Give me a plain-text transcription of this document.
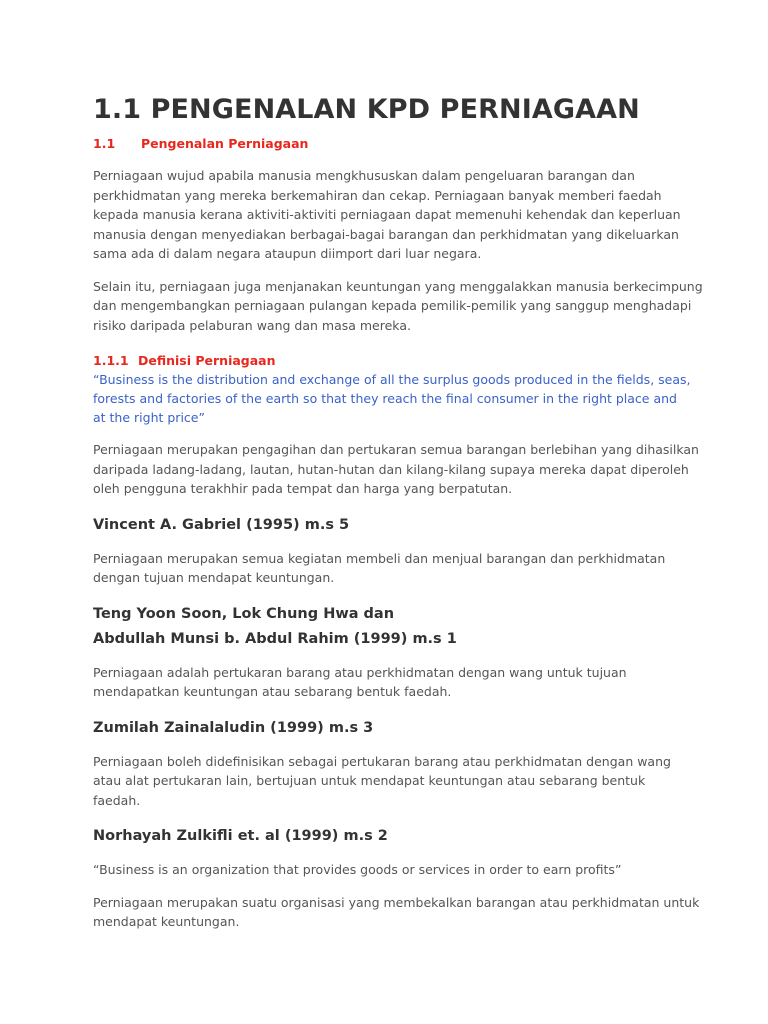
1.1 PENGENALAN KPD PERNIAGAAN
1.1 Pengenalan Perniagaan

Perniagaan wujud apabila manusia mengkhususkan dalam pengeluaran barangan dan
perkhidmatan yang mereka berkemahiran dan cekap. Perniagaan banyak memberi faedah
kepada manusia kerana aktiviti-aktiviti perniagaan dapat memenuhi kehendak dan keperluan
manusia dengan menyediakan berbagai-bagai barangan dan perkhidmatan yang dikeluarkan
sama ada di dalam negara ataupun diimport dari luar negara.

Selain itu, perniagaan juga menjanakan keuntungan yang menggalakkan manusia berkecimpung
dan mengembangkan perniagaan pulangan kepada pemilik-pemilik yang sanggup menghadapi
risiko daripada pelaburan wang dan masa mereka.

1.1.1 Definisi Perniagaan

“Business is the distribution and exchange of all the surplus goods produced in the fields, seas,
forests and factories of the earth so that they reach the final consumer in the right place and
at the right price”

Perniagaan merupakan pengagihan dan pertukaran semua barangan berlebihan yang dihasilkan
daripada ladang-ladang, lautan, hutan-hutan dan kilang-kilang supaya mereka dapat diperoleh
oleh pengguna terakhhir pada tempat dan harga yang berpatutan.

Vincent A. Gabriel (1995) m.s 5

Perniagaan merupakan semua kegiatan membeli dan menjual barangan dan perkhidmatan
dengan tujuan mendapat keuntungan.

Teng Yoon Soon, Lok Chung Hwa dan

Abdullah Munsi b. Abdul Rahim (1999) m.s 1

Perniagaan adalah pertukaran barang atau perkhidmatan dengan wang untuk tujuan
mendapatkan keuntungan atau sebarang bentuk faedah.

Zumilah Zainalaludin (1999) m.s 3

Perniagaan boleh didefinisikan sebagai pertukaran barang atau perkhidmatan dengan wang
atau alat pertukaran lain, bertujuan untuk mendapat keuntungan atau sebarang bentuk
faedah.

Norhayah Zulkifli et. al (1999) m.s 2

“Business is an organization that provides goods or services in order to earn profits”

Perniagaan merupakan suatu organisasi yang membekalkan barangan atau perkhidmatan untuk
mendapat keuntungan.
